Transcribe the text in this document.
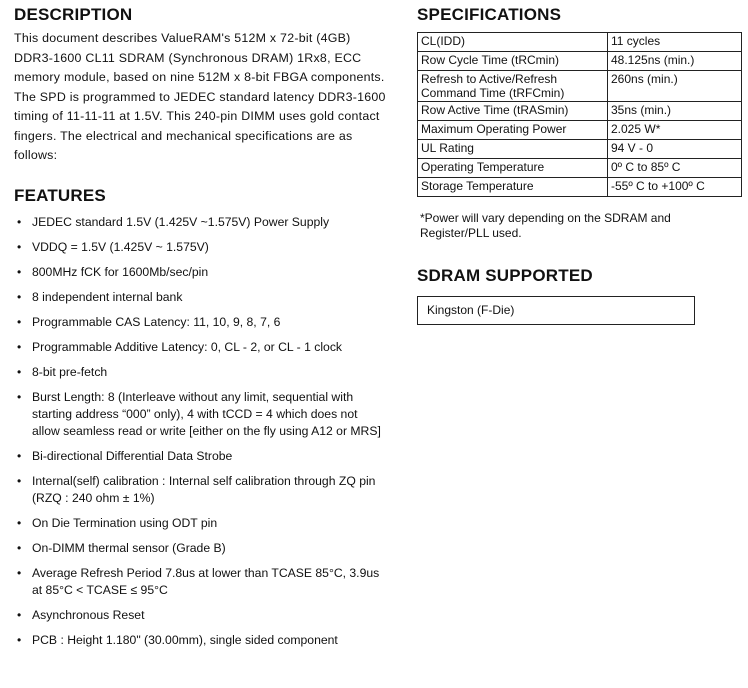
DESCRIPTION
This document describes ValueRAM's 512M x 72-bit (4GB) DDR3-1600 CL11 SDRAM (Synchronous DRAM) 1Rx8, ECC memory module, based on nine 512M x 8-bit FBGA components. The SPD is programmed to JEDEC standard latency DDR3-1600 timing of 11-11-11 at 1.5V. This 240-pin DIMM uses gold contact fingers. The electrical and mechanical specifications are as follows:
FEATURES
• JEDEC standard 1.5V (1.425V ~1.575V) Power Supply
• VDDQ = 1.5V (1.425V ~ 1.575V)
• 800MHz fCK for 1600Mb/sec/pin
• 8 independent internal bank
• Programmable CAS Latency: 11, 10, 9, 8, 7, 6
• Programmable Additive Latency: 0, CL - 2, or CL - 1 clock
• 8-bit pre-fetch
• Burst Length: 8 (Interleave without any limit, sequential with starting address “000” only), 4 with tCCD = 4 which does not allow seamless read or write [either on the fly using A12 or MRS]
• Bi-directional Differential Data Strobe
• Internal(self) calibration : Internal self calibration through ZQ pin (RZQ : 240 ohm ± 1%)
• On Die Termination using ODT pin
• On-DIMM thermal sensor (Grade B)
• Average Refresh Period 7.8us at lower than TCASE 85°C, 3.9us at 85°C < TCASE ≤ 95°C
• Asynchronous Reset
• PCB : Height 1.180" (30.00mm), single sided component
SPECIFICATIONS
CL(IDD)	11 cycles
Row Cycle Time (tRCmin)	48.125ns (min.)
Refresh to Active/Refresh Command Time (tRFCmin)	260ns (min.)
Row Active Time (tRASmin)	35ns (min.)
Maximum Operating Power	2.025 W*
UL Rating	94 V - 0
Operating Temperature	0º C to 85º C
Storage Temperature	-55º C to +100º C
*Power will vary depending on the SDRAM and Register/PLL used.
SDRAM SUPPORTED
Kingston (F-Die)
